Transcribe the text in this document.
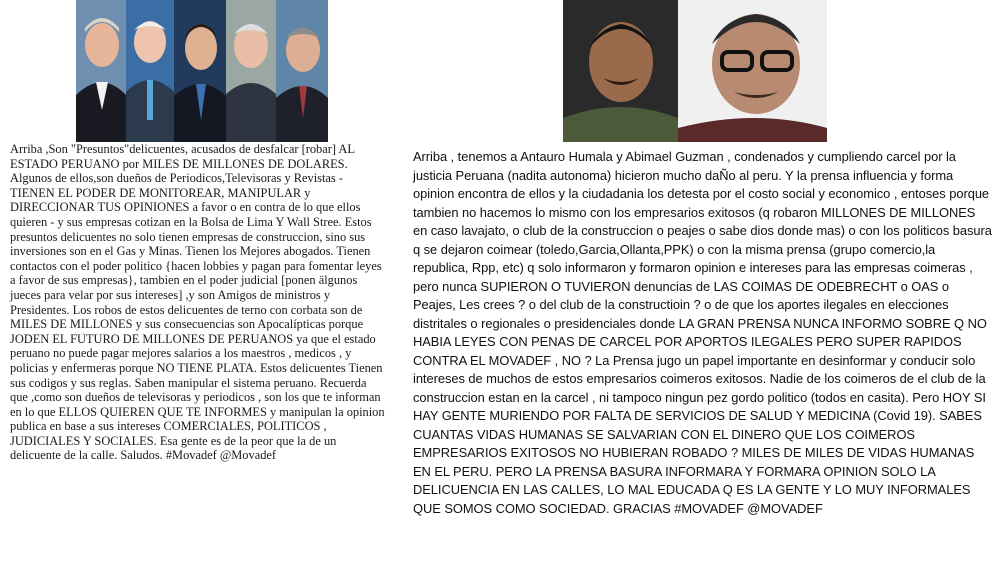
Arriba ,Son "Presuntos"delicuentes, acusados de desfalcar [robar] AL ESTADO PERUANO por MILES DE MILLONES DE DOLARES. Algunos de ellos,son dueños de Periodicos,Televisoras y Revistas - TIENEN EL PODER DE MONITOREAR, MANIPULAR y DIRECCIONAR TUS OPINIONES a favor o en contra de lo que ellos quieren - y sus empresas cotizan en la Bolsa de Lima Y Wall Stree. Estos presuntos delicuentes no solo tienen empresas de construccion, sino sus inversiones son en el Gas y Minas. Tienen los Mejores abogados. Tienen contactos con el poder politico {hacen lobbies y pagan para fomentar leyes a favor de sus empresas}, tambien en el poder judicial [ponen älgunos jueces para velar por sus intereses] ,y son Amigos de ministros y Presidentes. Los robos de estos delicuentes de terno con corbata son de MILES DE MILLONES y sus consecuencias son Apocalípticas porque JODEN EL FUTURO DE MILLONES DE PERUANOS ya que el estado peruano no puede pagar mejores salarios a los maestros , medicos , y policias y enfermeras porque NO TIENE PLATA. Estos delicuentes Tienen sus codigos y sus reglas. Saben manipular el sistema peruano. Recuerda que ,como son dueños de televisoras y periodicos , son los que te informan en lo que ELLOS QUIEREN QUE TE INFORMES y manipulan la opinion publica en base a sus intereses COMERCIALES, POLITICOS , JUDICIALES Y SOCIALES. Esa gente es de la peor que la de un delicuente de la calle. Saludos. #Movadef @Movadef

Arriba , tenemos a Antauro Humala y Abimael Guzman , condenados y cumpliendo carcel por la justicia Peruana (nadita autonoma) hicieron mucho daÑo al peru. Y la prensa influencia y forma opinion encontra de ellos y la ciudadania los detesta por el costo social y economico , entoses porque tambien no hacemos lo mismo con los empresarios exitosos (q robaron MILLONES DE MILLONES en caso lavajato, o club de la construccion o peajes o sabe dios donde mas) o con los politicos basura q se dejaron coimear (toledo,Garcia,Ollanta,PPK) o con la misma prensa (grupo comercio,la republica, Rpp, etc) q solo informaron y formaron opinion e intereses para las empresas coimeras , pero nunca SUPIERON O TUVIERON denuncias de LAS COIMAS DE ODEBRECHT o OAS o Peajes, Les crees ? o del club de la constructioin ? o de que los aportes ilegales en elecciones distritales o regionales o presidenciales donde LA GRAN PRENSA NUNCA INFORMO SOBRE Q NO HABIA LEYES CON PENAS DE CARCEL POR APORTOS ILEGALES PERO SUPER RAPIDOS CONTRA EL MOVADEF , NO ? La Prensa jugo un papel importante en desinformar y conducir solo intereses de muchos de estos empresarios coimeros exitosos. Nadie de los coimeros de el club de la construccion estan en la carcel , ni tampoco ningun pez gordo politico (todos en casita). Pero HOY SI HAY GENTE MURIENDO POR FALTA DE SERVICIOS DE SALUD Y MEDICINA (Covid 19). SABES CUANTAS VIDAS HUMANAS SE SALVARIAN CON EL DINERO QUE LOS COIMEROS EMPRESARIOS EXITOSOS NO HUBIERAN ROBADO ? MILES DE MILES DE VIDAS HUMANAS EN EL PERU. PERO LA PRENSA BASURA INFORMARA Y FORMARA OPINION SOLO LA DELICUENCIA EN LAS CALLES, LO MAL EDUCADA Q ES LA GENTE Y LO MUY INFORMALES QUE SOMOS COMO SOCIEDAD. GRACIAS #MOVADEF @MOVADEF
